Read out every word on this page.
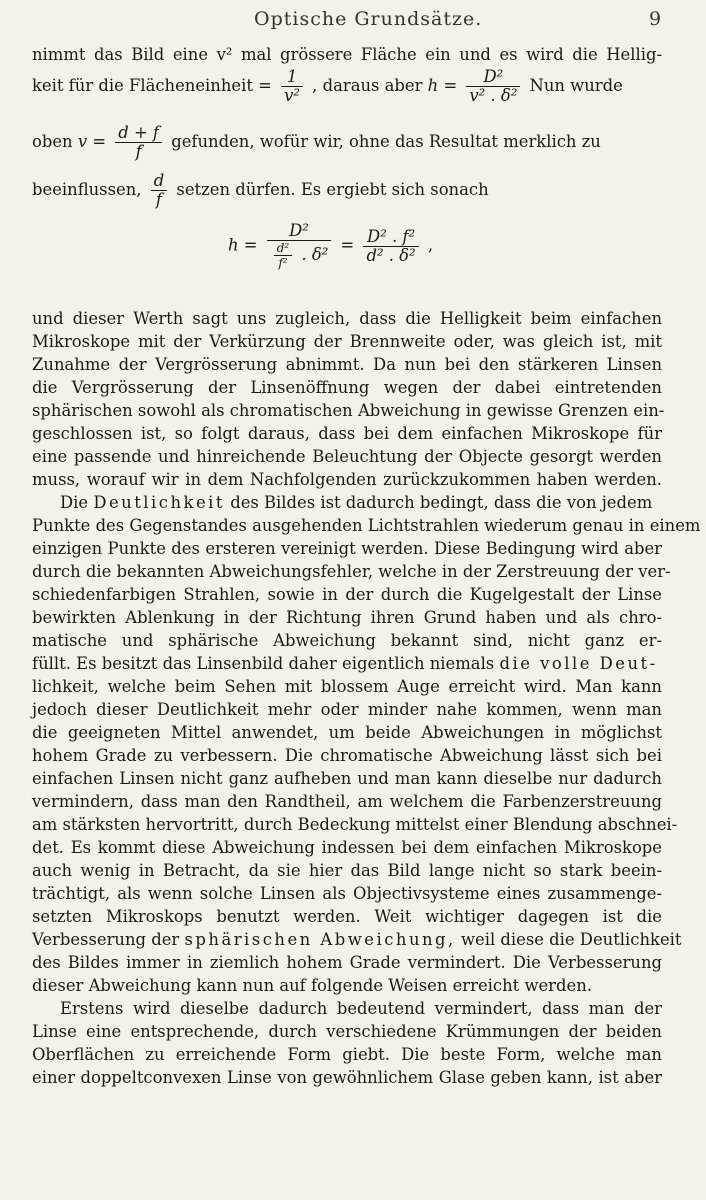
Optische Grundsätze.	9
nimmt das Bild eine v² mal grössere Fläche ein und es wird die Hellig-
keit für die Flächeneinheit = $\frac{1}{\text{v²}}$ , daraus aber $h = \frac{\text{D²}}{\text{v² . δ²}}$ Nun wurde
oben $v = \frac{d + f}{f}$ gefunden, wofür wir, ohne das Resultat merklich zu
beeinflussen, $\frac{d}{f}$ setzen dürfen. Es ergiebt sich sonach
$h = \frac{\text{D²}}{\frac{\text{d²}}{\text{f²}} . \delta^2} = \frac{\text{D² . f²}}{\text{d² . δ²}}$ ,
und dieser Werth sagt uns zugleich, dass die Helligkeit beim einfachen
Mikroskope mit der Verkürzung der Brennweite oder, was gleich ist, mit
Zunahme der Vergrösserung abnimmt. Da nun bei den stärkeren Linsen
die Vergrösserung der Linsenöffnung wegen der dabei eintretenden
sphärischen sowohl als chromatischen Abweichung in gewisse Grenzen ein-
geschlossen ist, so folgt daraus, dass bei dem einfachen Mikroskope für
eine passende und hinreichende Beleuchtung der Objecte gesorgt werden
muss, worauf wir in dem Nachfolgenden zurückzukommen haben werden.
Die Deutlichkeit des Bildes ist dadurch bedingt, dass die von jedem
Punkte des Gegenstandes ausgehenden Lichtstrahlen wiederum genau in einem
einzigen Punkte des ersteren vereinigt werden. Diese Bedingung wird aber
durch die bekannten Abweichungsfehler, welche in der Zerstreuung der ver-
schiedenfarbigen Strahlen, sowie in der durch die Kugelgestalt der Linse
bewirkten Ablenkung in der Richtung ihren Grund haben und als chro-
matische und sphärische Abweichung bekannt sind, nicht ganz er-
füllt. Es besitzt das Linsenbild daher eigentlich niemals die volle Deut-
lichkeit, welche beim Sehen mit blossem Auge erreicht wird. Man kann
jedoch dieser Deutlichkeit mehr oder minder nahe kommen, wenn man
die geeigneten Mittel anwendet, um beide Abweichungen in möglichst
hohem Grade zu verbessern. Die chromatische Abweichung lässt sich bei
einfachen Linsen nicht ganz aufheben und man kann dieselbe nur dadurch
vermindern, dass man den Randtheil, am welchem die Farbenzerstreuung
am stärksten hervortritt, durch Bedeckung mittelst einer Blendung abschnei-
det. Es kommt diese Abweichung indessen bei dem einfachen Mikroskope
auch wenig in Betracht, da sie hier das Bild lange nicht so stark beein-
trächtigt, als wenn solche Linsen als Objectivsysteme eines zusammenge-
setzten Mikroskops benutzt werden. Weit wichtiger dagegen ist die
Verbesserung der sphärischen Abweichung, weil diese die Deutlichkeit
des Bildes immer in ziemlich hohem Grade vermindert. Die Verbesserung
dieser Abweichung kann nun auf folgende Weisen erreicht werden.
Erstens wird dieselbe dadurch bedeutend vermindert, dass man der
Linse eine entsprechende, durch verschiedene Krümmungen der beiden
Oberflächen zu erreichende Form giebt. Die beste Form, welche man
einer doppeltconvexen Linse von gewöhnlichem Glase geben kann, ist aber
